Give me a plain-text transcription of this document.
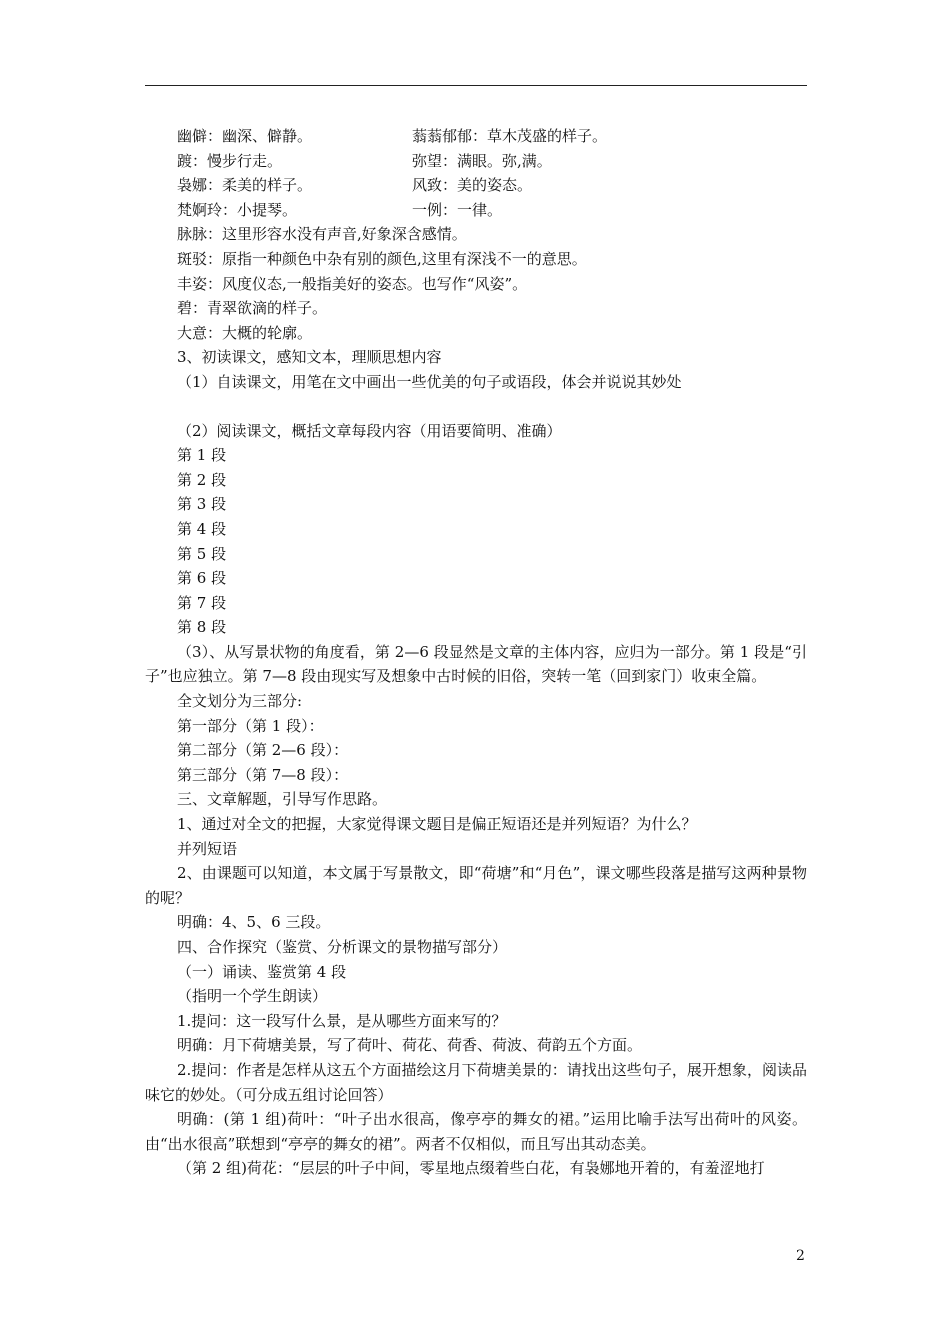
幽僻：幽深、僻静。	蓊蓊郁郁：草木茂盛的样子。
踱：慢步行走。	弥望：满眼。弥,满。
袅娜：柔美的样子。	风致：美的姿态。
梵婀玲：小提琴。	一例：一律。
脉脉：这里形容水没有声音,好象深含感情。
斑驳：原指一种颜色中杂有别的颜色,这里有深浅不一的意思。
丰姿：风度仪态,一般指美好的姿态。也写作“风姿”。
碧：青翠欲滴的样子。
大意：大概的轮廓。
3、初读课文，感知文本，理顺思想内容
（1）自读课文，用笔在文中画出一些优美的句子或语段，体会并说说其妙处
（2）阅读课文，概括文章每段内容（用语要简明、准确）
第 1 段
第 2 段
第 3 段
第 4 段
第 5 段
第 6 段
第 7 段
第 8 段
（3）、从写景状物的角度看，第 2—6 段显然是文章的主体内容，应归为一部分。第 1 段是“引子”也应独立。第 7—8 段由现实写及想象中古时候的旧俗，突转一笔（回到家门）收束全篇。
全文划分为三部分:
第一部分（第 1 段）：
第二部分（第 2—6 段）：
第三部分（第 7—8 段）：
三、文章解题，引导写作思路。
1、通过对全文的把握，大家觉得课文题目是偏正短语还是并列短语？为什么？
并列短语
2、由课题可以知道，本文属于写景散文，即“荷塘”和“月色”，课文哪些段落是描写这两种景物的呢？
明确：4、5、6 三段。
四、合作探究（鉴赏、分析课文的景物描写部分）
（一）诵读、鉴赏第 4 段
（指明一个学生朗读）
1.提问：这一段写什么景，是从哪些方面来写的？
明确：月下荷塘美景，写了荷叶、荷花、荷香、荷波、荷韵五个方面。
2.提问：作者是怎样从这五个方面描绘这月下荷塘美景的：请找出这些句子，展开想象，阅读品味它的妙处。（可分成五组讨论回答）
明确：(第 1 组)荷叶：“叶子出水很高，像亭亭的舞女的裙。”运用比喻手法写出荷叶的风姿。由“出水很高”联想到“亭亭的舞女的裙”。两者不仅相似，而且写出其动态美。
（第 2 组)荷花：“层层的叶子中间，零星地点缀着些白花，有袅娜地开着的，有羞涩地打
2
